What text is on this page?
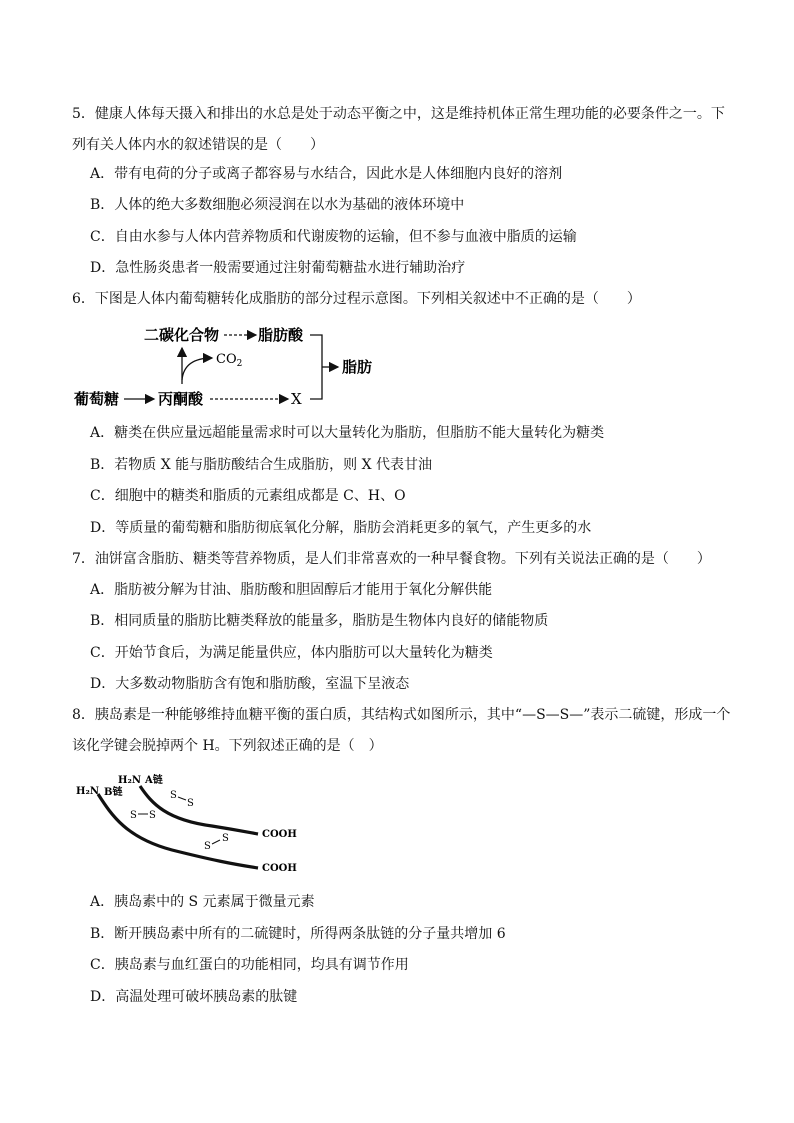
5．健康人体每天摄入和排出的水总是处于动态平衡之中，这是维持机体正常生理功能的必要条件之一。下列有关人体内水的叙述错误的是（　　）

A．带有电荷的分子或离子都容易与水结合，因此水是人体细胞内良好的溶剂

B．人体的绝大多数细胞必须浸润在以水为基础的液体环境中

C．自由水参与人体内营养物质和代谢废物的运输，但不参与血液中脂质的运输

D．急性肠炎患者一般需要通过注射葡萄糖盐水进行辅助治疗

6．下图是人体内葡萄糖转化成脂肪的部分过程示意图。下列相关叙述中不正确的是（　　）

二碳化合物	脂肪酸
$CO_2$
葡萄糖	丙酮酸	X
脂肪

A．糖类在供应量远超能量需求时可以大量转化为脂肪，但脂肪不能大量转化为糖类

B．若物质 X 能与脂肪酸结合生成脂肪，则 X 代表甘油

C．细胞中的糖类和脂质的元素组成都是 C、H、O

D．等质量的葡萄糖和脂肪彻底氧化分解，脂肪会消耗更多的氧气，产生更多的水

7．油饼富含脂肪、糖类等营养物质，是人们非常喜欢的一种早餐食物。下列有关说法正确的是（　　）

A．脂肪被分解为甘油、脂肪酸和胆固醇后才能用于氧化分解供能

B．相同质量的脂肪比糖类释放的能量多，脂肪是生物体内良好的储能物质

C．开始节食后，为满足能量供应，体内脂肪可以大量转化为糖类

D．大多数动物脂肪含有饱和脂肪酸，室温下呈液态

8．胰岛素是一种能够维持血糖平衡的蛋白质，其结构式如图所示，其中“—S—S—”表示二硫键，形成一个该化学键会脱掉两个 H。下列叙述正确的是（　）

H₂N A链
H₂N B链
COOH
COOH
S S
S
S
S
S

A．胰岛素中的 S 元素属于微量元素

B．断开胰岛素中所有的二硫键时，所得两条肽链的分子量共增加 6

C．胰岛素与血红蛋白的功能相同，均具有调节作用

D．高温处理可破坏胰岛素的肽键
